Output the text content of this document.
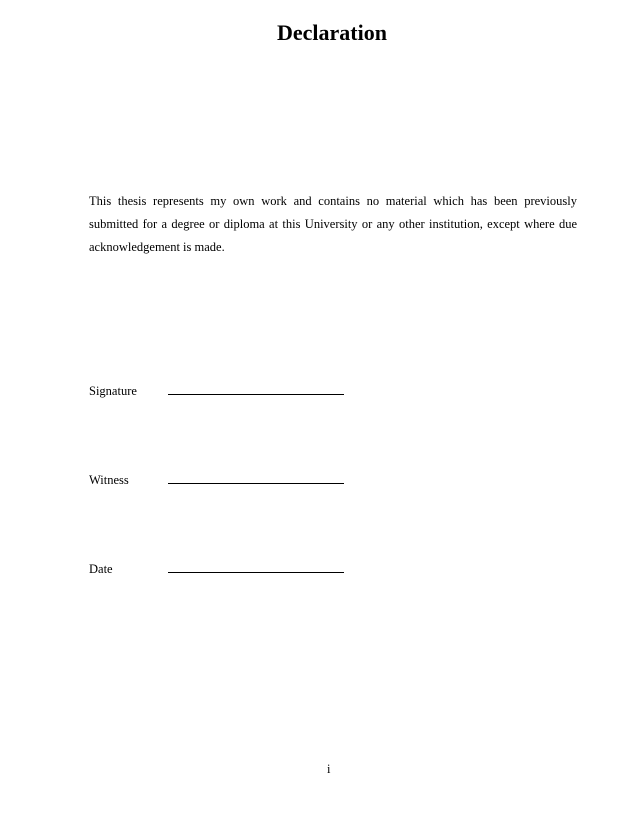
Declaration
This thesis represents my own work and contains no material which has been previously submitted for a degree or diploma at this University or any other institution, except where due acknowledgement is made.
Signature
Witness
Date
i
